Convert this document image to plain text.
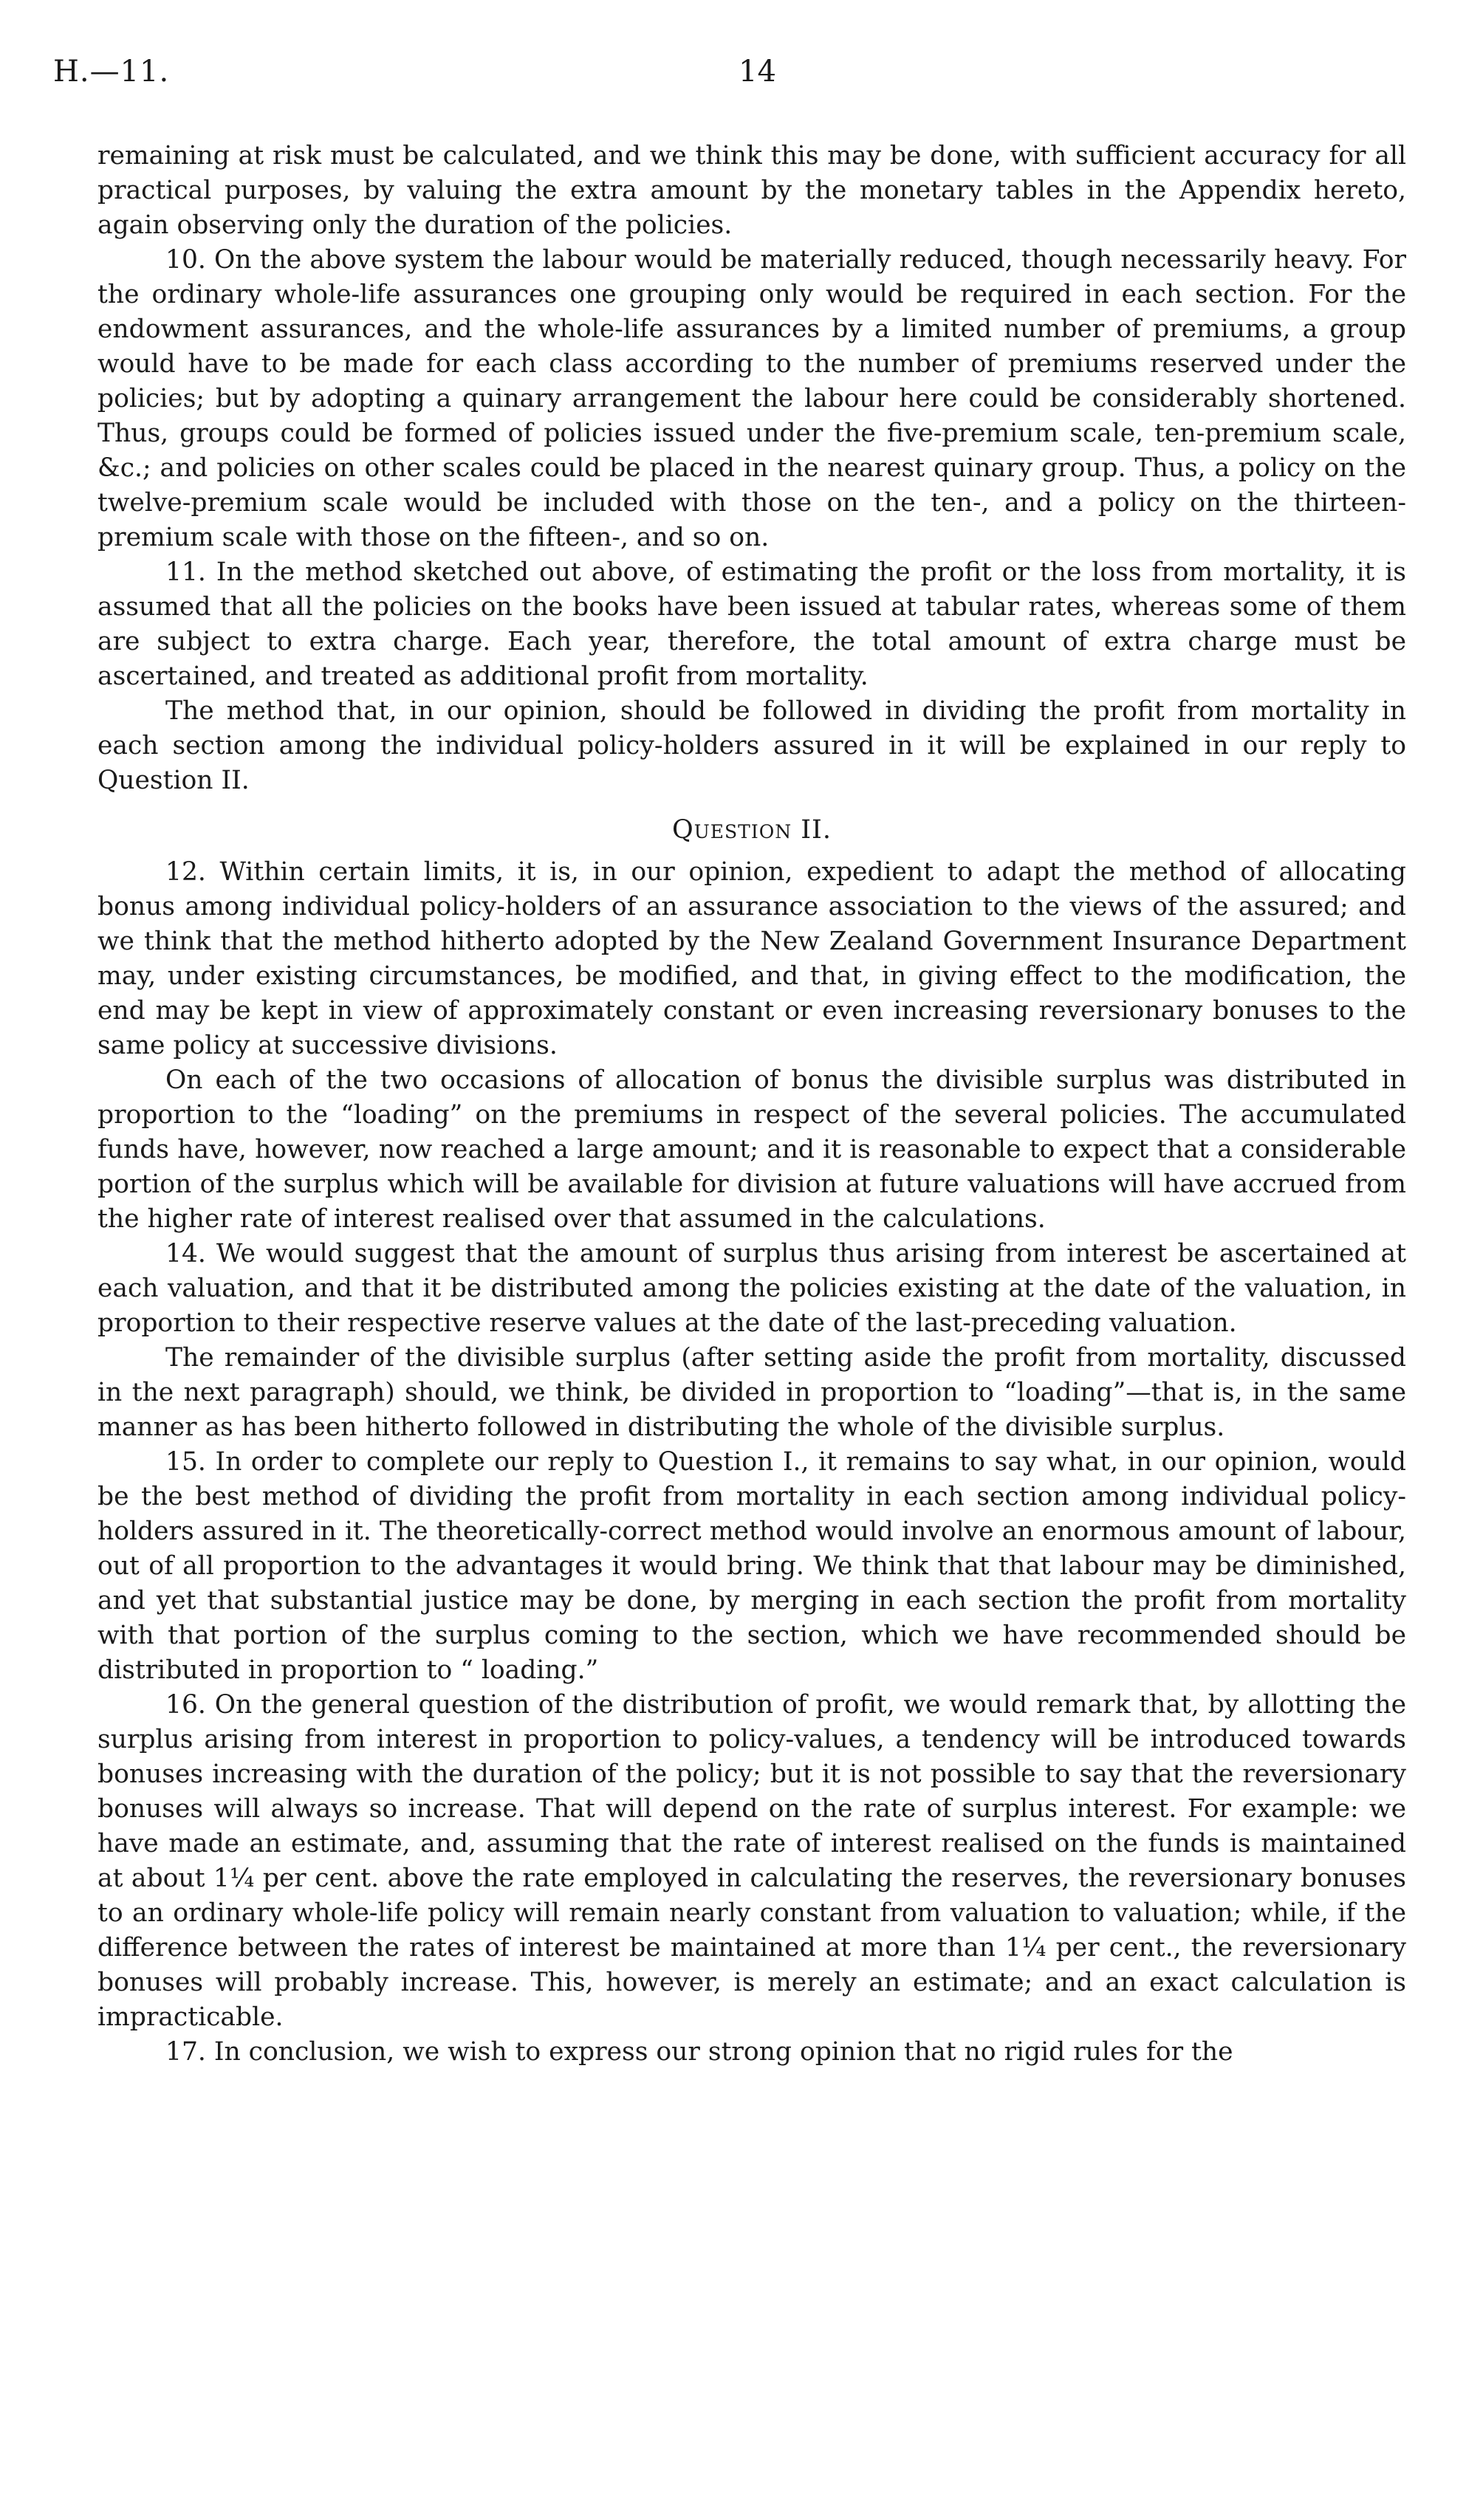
H.—11.	14

remaining at risk must be calculated, and we think this may be done, with sufficient accuracy for all practical purposes, by valuing the extra amount by the monetary tables in the Appendix hereto, again observing only the duration of the policies.

10. On the above system the labour would be materially reduced, though necessarily heavy. For the ordinary whole-life assurances one grouping only would be required in each section. For the endowment assurances, and the whole-life assurances by a limited number of premiums, a group would have to be made for each class according to the number of premiums reserved under the policies; but by adopting a quinary arrangement the labour here could be considerably shortened. Thus, groups could be formed of policies issued under the five-premium scale, ten-premium scale, &c.; and policies on other scales could be placed in the nearest quinary group. Thus, a policy on the twelve-premium scale would be included with those on the ten-, and a policy on the thirteen-premium scale with those on the fifteen-, and so on.

11. In the method sketched out above, of estimating the profit or the loss from mortality, it is assumed that all the policies on the books have been issued at tabular rates, whereas some of them are subject to extra charge. Each year, therefore, the total amount of extra charge must be ascertained, and treated as additional profit from mortality.

The method that, in our opinion, should be followed in dividing the profit from mortality in each section among the individual policy-holders assured in it will be explained in our reply to Question II.

Question II.

12. Within certain limits, it is, in our opinion, expedient to adapt the method of allocating bonus among individual policy-holders of an assurance association to the views of the assured; and we think that the method hitherto adopted by the New Zealand Government Insurance Department may, under existing circumstances, be modified, and that, in giving effect to the modification, the end may be kept in view of approximately constant or even increasing reversionary bonuses to the same policy at successive divisions.

On each of the two occasions of allocation of bonus the divisible surplus was distributed in proportion to the “loading” on the premiums in respect of the several policies. The accumulated funds have, however, now reached a large amount; and it is reasonable to expect that a considerable portion of the surplus which will be available for division at future valuations will have accrued from the higher rate of interest realised over that assumed in the calculations.

14. We would suggest that the amount of surplus thus arising from interest be ascertained at each valuation, and that it be distributed among the policies existing at the date of the valuation, in proportion to their respective reserve values at the date of the last-preceding valuation.

The remainder of the divisible surplus (after setting aside the profit from mortality, discussed in the next paragraph) should, we think, be divided in proportion to “loading”—that is, in the same manner as has been hitherto followed in distributing the whole of the divisible surplus.

15. In order to complete our reply to Question I., it remains to say what, in our opinion, would be the best method of dividing the profit from mortality in each section among individual policy-holders assured in it. The theoretically-correct method would involve an enormous amount of labour, out of all proportion to the advantages it would bring. We think that that labour may be diminished, and yet that substantial justice may be done, by merging in each section the profit from mortality with that portion of the surplus coming to the section, which we have recommended should be distributed in proportion to “ loading.”

16. On the general question of the distribution of profit, we would remark that, by allotting the surplus arising from interest in proportion to policy-values, a tendency will be introduced towards bonuses increasing with the duration of the policy; but it is not possible to say that the reversionary bonuses will always so increase. That will depend on the rate of surplus interest. For example: we have made an estimate, and, assuming that the rate of interest realised on the funds is maintained at about 1¼ per cent. above the rate employed in calculating the reserves, the reversionary bonuses to an ordinary whole-life policy will remain nearly constant from valuation to valuation; while, if the difference between the rates of interest be maintained at more than 1¼ per cent., the reversionary bonuses will probably increase. This, however, is merely an estimate; and an exact calculation is impracticable.

17. In conclusion, we wish to express our strong opinion that no rigid rules for the
